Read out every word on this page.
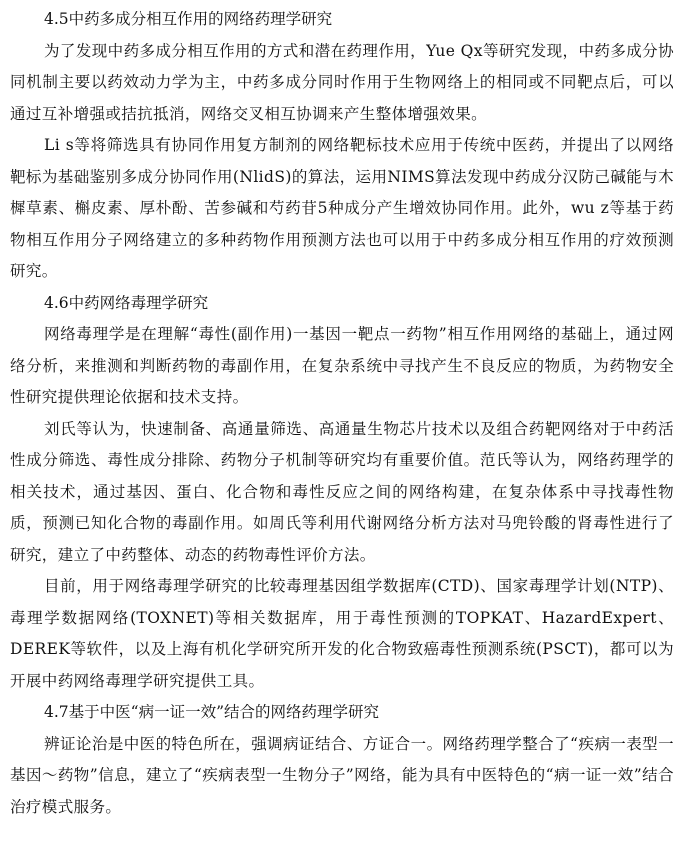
4.5中药多成分相互作用的网络药理学研究

为了发现中药多成分相互作用的方式和潜在药理作用，Yue Qx等研究发现，中药多成分协同机制主要以药效动力学为主，中药多成分同时作用于生物网络上的相同或不同靶点后，可以通过互补增强或拮抗抵消，网络交叉相互协调来产生整体增强效果。

Li s等将筛选具有协同作用复方制剂的网络靶标技术应用于传统中医药，并提出了以网络靶标为基础鉴别多成分协同作用(NlidS)的算法，运用NIMS算法发现中药成分汉防己碱能与木樨草素、槲皮素、厚朴酚、苦参碱和芍药苷5种成分产生增效协同作用。此外，wu z等基于药物相互作用分子网络建立的多种药物作用预测方法也可以用于中药多成分相互作用的疗效预测研究。

4.6中药网络毒理学研究

网络毒理学是在理解“毒性(副作用)一基因一靶点一药物”相互作用网络的基础上，通过网络分析，来推测和判断药物的毒副作用，在复杂系统中寻找产生不良反应的物质，为药物安全性研究提供理论依据和技术支持。

刘氏等认为，快速制备、高通量筛选、高通量生物芯片技术以及组合药靶网络对于中药活性成分筛选、毒性成分排除、药物分子机制等研究均有重要价值。范氏等认为，网络药理学的相关技术，通过基因、蛋白、化合物和毒性反应之间的网络构建，在复杂体系中寻找毒性物质，预测已知化合物的毒副作用。如周氏等利用代谢网络分析方法对马兜铃酸的肾毒性进行了研究，建立了中药整体、动态的药物毒性评价方法。

目前，用于网络毒理学研究的比较毒理基因组学数据库(CTD)、国家毒理学计划(NTP)、毒理学数据网络(TOXNET)等相关数据库，用于毒性预测的TOPKAT、HazardExpert、DEREK等软件，以及上海有机化学研究所开发的化合物致癌毒性预测系统(PSCT)，都可以为开展中药网络毒理学研究提供工具。

4.7基于中医“病一证一效”结合的网络药理学研究

辨证论治是中医的特色所在，强调病证结合、方证合一。网络药理学整合了“疾病一表型一基因～药物”信息，建立了“疾病表型一生物分子”网络，能为具有中医特色的“病一证一效”结合治疗模式服务。
